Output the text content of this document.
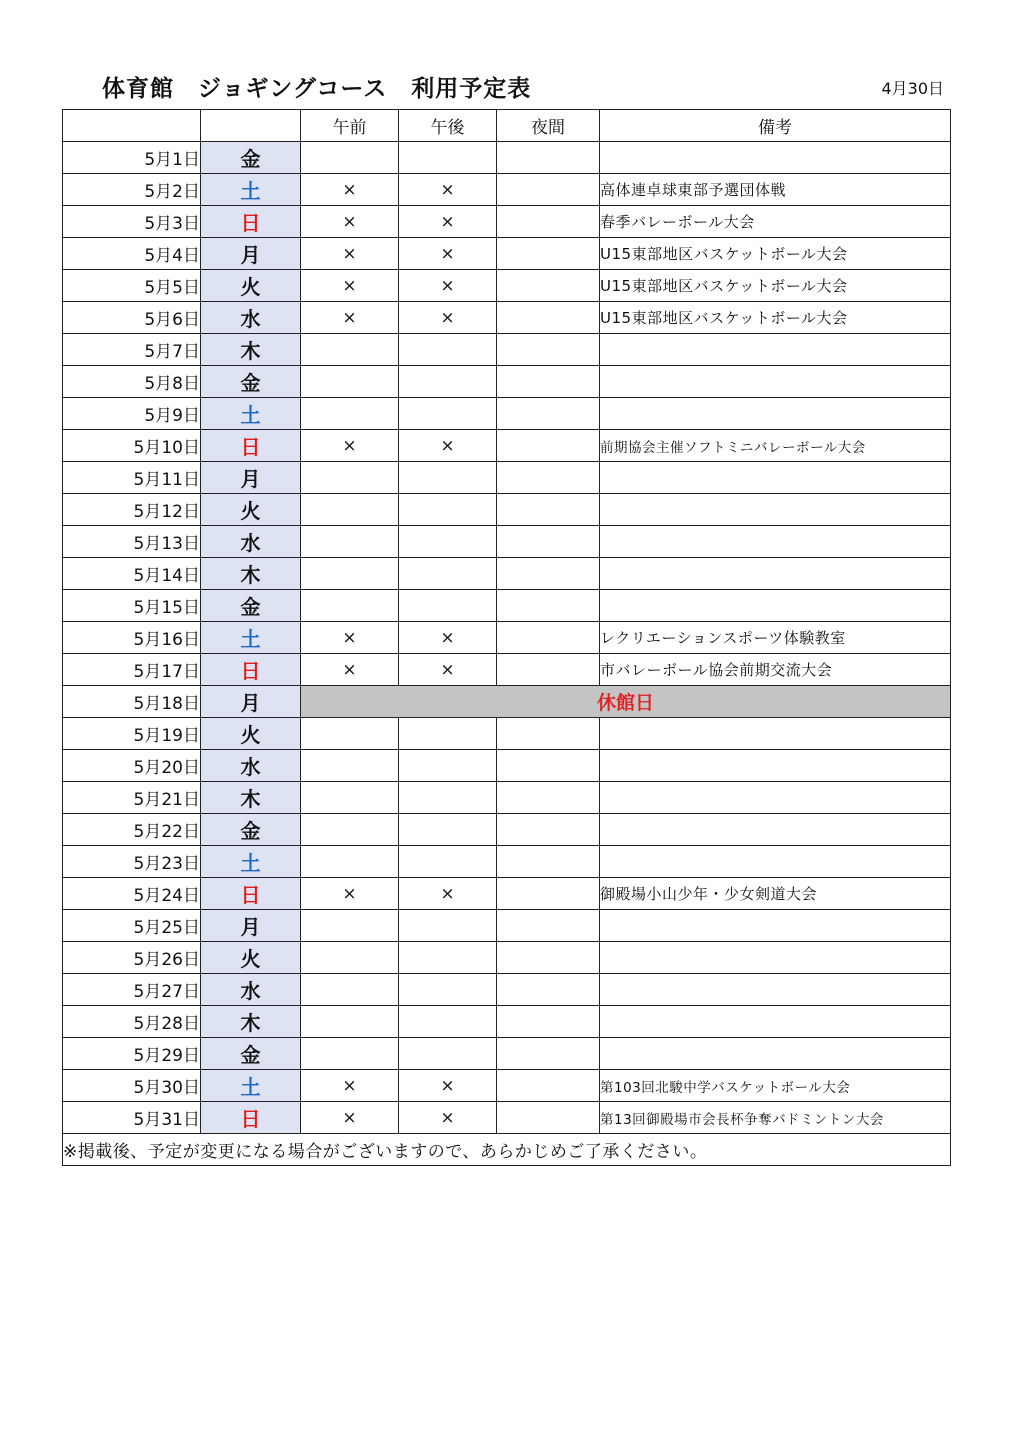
体育館　ジョギングコース　利用予定表	4月30日
		午前	午後	夜間	備考
5月1日	金				
5月2日	土	×	×		高体連卓球東部予選団体戦
5月3日	日	×	×		春季バレーボール大会
5月4日	月	×	×		U15東部地区バスケットボール大会
5月5日	火	×	×		U15東部地区バスケットボール大会
5月6日	水	×	×		U15東部地区バスケットボール大会
5月7日	木				
5月8日	金				
5月9日	土				
5月10日	日	×	×		前期協会主催ソフトミニバレーボール大会
5月11日	月				
5月12日	火				
5月13日	水				
5月14日	木				
5月15日	金				
5月16日	土	×	×		レクリエーションスポーツ体験教室
5月17日	日	×	×		市バレーボール協会前期交流大会
5月18日	月	休館日			
5月19日	火				
5月20日	水				
5月21日	木				
5月22日	金				
5月23日	土				
5月24日	日	×	×		御殿場小山少年・少女剣道大会
5月25日	月				
5月26日	火				
5月27日	水				
5月28日	木				
5月29日	金				
5月30日	土	×	×		第103回北駿中学バスケットボール大会
5月31日	日	×	×		第13回御殿場市会長杯争奪バドミントン大会
※掲載後、予定が変更になる場合がございますので、あらかじめご了承ください。					
